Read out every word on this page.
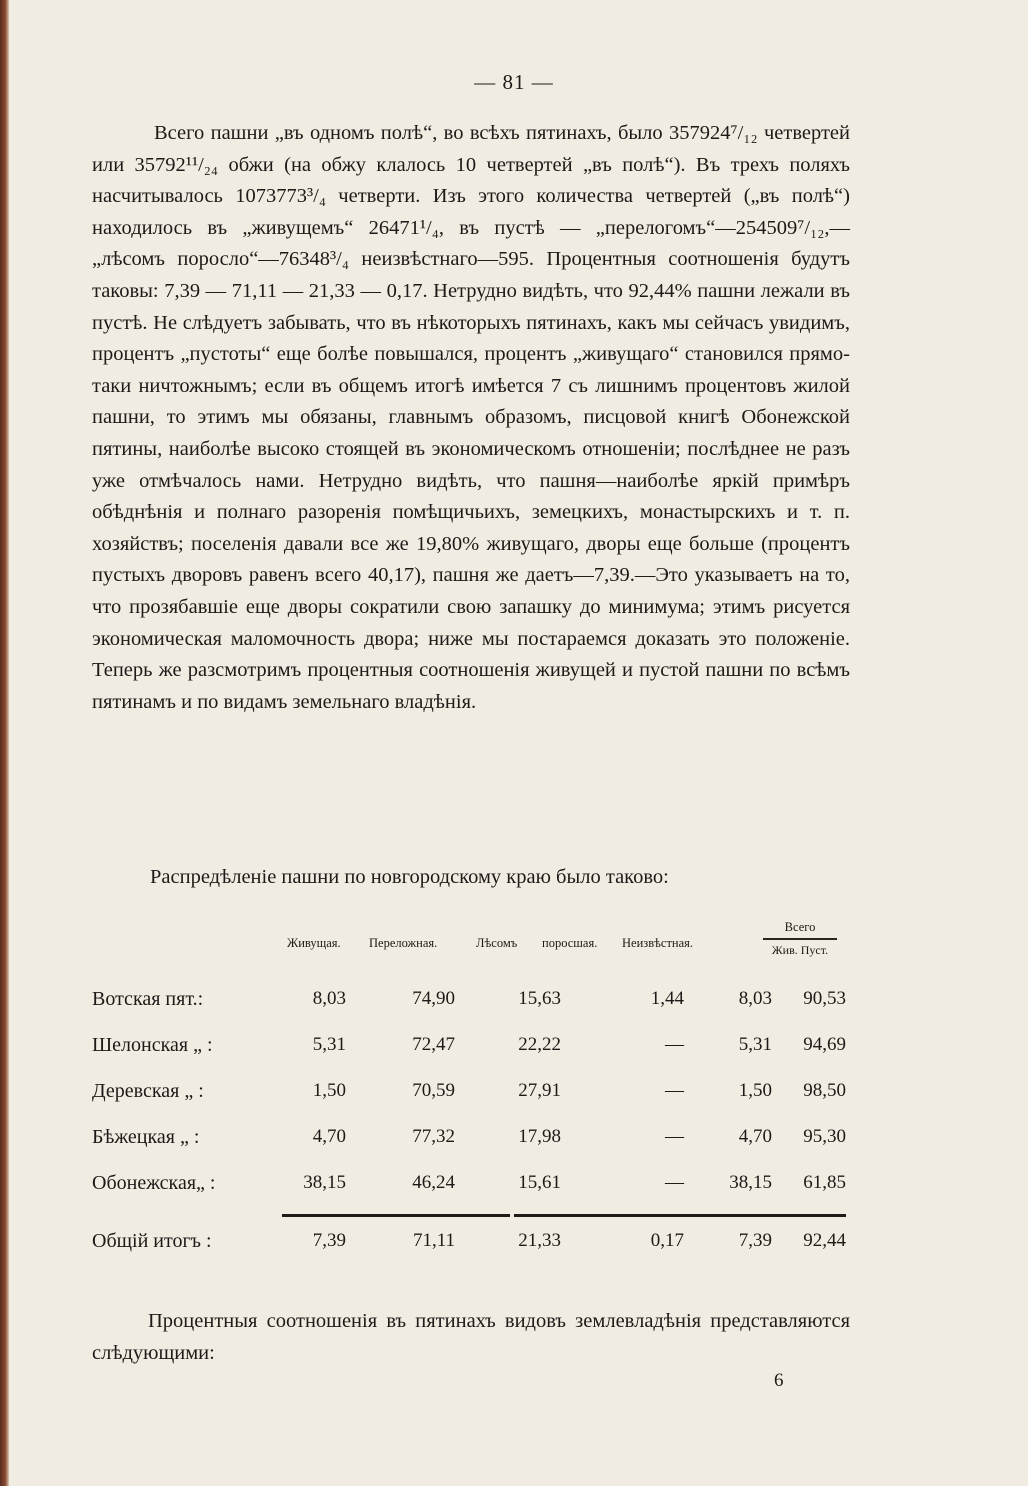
— 81 —

Всего пашни „въ одномъ полѣ“, во всѣхъ пятинахъ, было 357924⁷/₁₂ четвертей или 35792¹¹/₂₄ обжи (на обжу клалось 10 четвертей „въ полѣ“). Въ трехъ поляхъ насчитывалось 1073773³/₄ четверти. Изъ этого количества четвертей („въ полѣ“) находилось въ „живущемъ“ 26471¹/₄, въ пустѣ — „перелогомъ“—254509⁷/₁₂,—„лѣсомъ поросло“—76348³/₄ неизвѣстнаго—595. Процентныя соотношенія будутъ таковы: 7,39 — 71,11 — 21,33 — 0,17. Нетрудно видѣть, что 92,44% пашни лежали въ пустѣ. Не слѣдуетъ забывать, что въ нѣкоторыхъ пятинахъ, какъ мы сейчасъ увидимъ, процентъ „пустоты“ еще болѣе повышался, процентъ „живущаго“ становился прямо-таки ничтожнымъ; если въ общемъ итогѣ имѣется 7 съ лишнимъ процентовъ жилой пашни, то этимъ мы обязаны, главнымъ образомъ, писцовой книгѣ Обонежской пятины, наиболѣе высоко стоящей въ экономическомъ отношеніи; послѣднее не разъ уже отмѣчалось нами. Нетрудно видѣть, что пашня—наиболѣе яркій примѣръ обѣднѣнія и полнаго разоренія помѣщичьихъ, земецкихъ, монастырскихъ и т. п. хозяйствъ; поселенія давали все же 19,80% живущаго, дворы еще больше (процентъ пустыхъ дворовъ равенъ всего 40,17), пашня же даетъ—7,39.—Это указываетъ на то, что прозябавшіе еще дворы сократили свою запашку до минимума; этимъ рисуется экономическая маломочность двора; ниже мы постараемся доказать это положеніе. Теперь же разсмотримъ процентныя соотношенія живущей и пустой пашни по всѣмъ пятинамъ и по видамъ земельнаго владѣнія.

Распредѣленіе пашни по новгородскому краю было таково:
Живущая. Переложная.	Лѣсомъ поросшая. Неизвѣстная.
Всего
Жив. Пуст.
Вотская пят.:	8,03	74,90	15,63	1,44	8,03	90,53
Шелонская „ :	5,31	72,47	22,22	—	5,31	94,69
Деревская „ :	1,50	70,59	27,91	—	1,50	98,50
Бѣжецкая „ :	4,70	77,32	17,98	—	4,70	95,30
Обонежская„ :	38,15	46,24	15,61	—	38,15	61,85
Общій итогъ :	7,39	71,11	21,33	0,17	7,39	92,44

Процентныя соотношенія въ пятинахъ видовъ землевладѣнія представляются слѣдующими:

6
